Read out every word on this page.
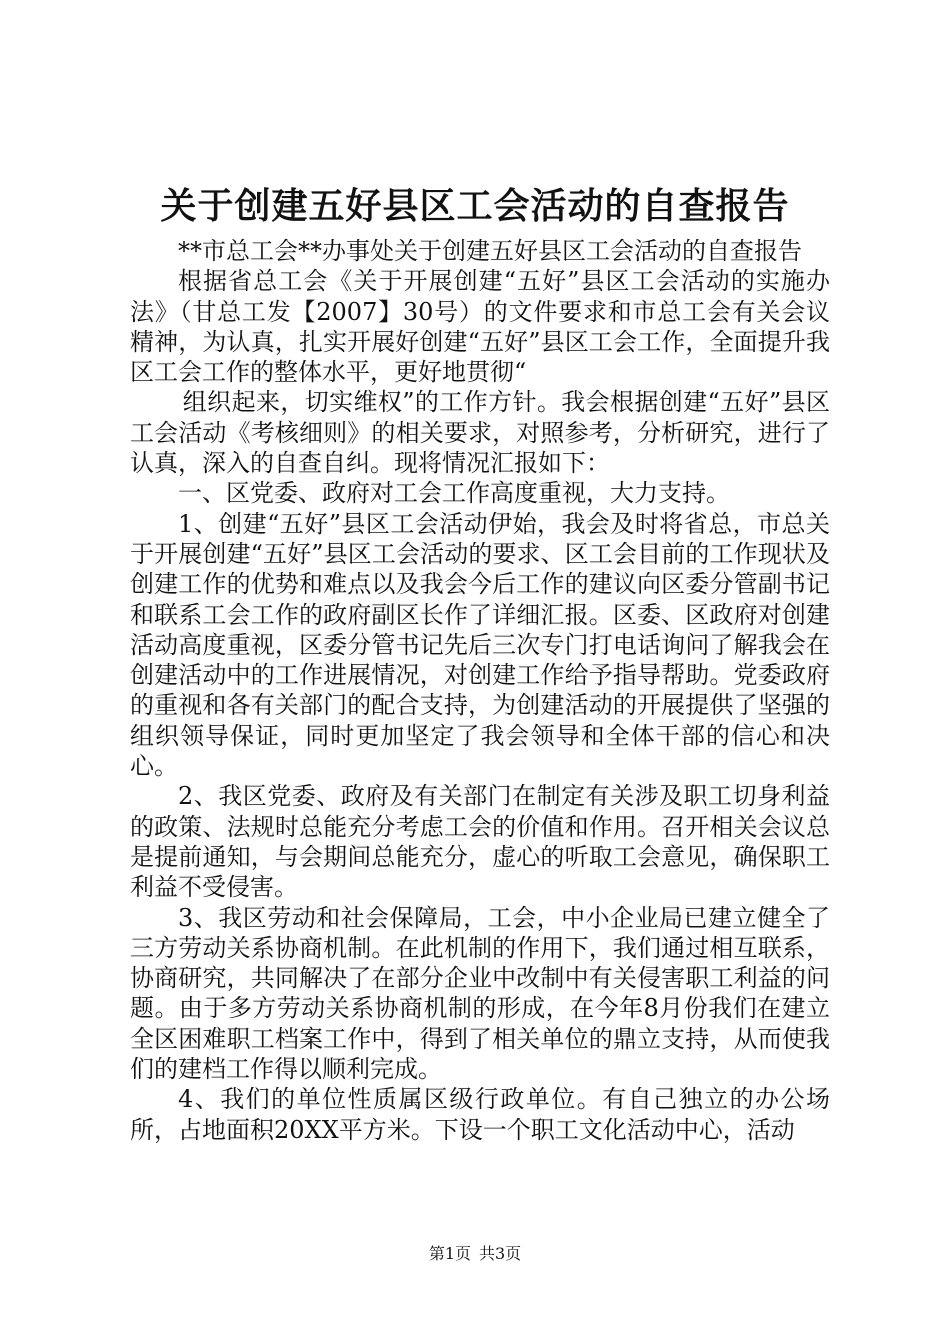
关于创建五好县区工会活动的自查报告

**市总工会**办事处关于创建五好县区工会活动的自查报告

根据省总工会《关于开展创建“五好”县区工会活动的实施办法》（甘总工发【2007】30号）的文件要求和市总工会有关会议精神，为认真，扎实开展好创建“五好”县区工会工作，全面提升我区工会工作的整体水平，更好地贯彻“

组织起来，切实维权”的工作方针。我会根据创建“五好”县区工会活动《考核细则》的相关要求，对照参考，分析研究，进行了认真，深入的自查自纠。现将情况汇报如下：

一、区党委、政府对工会工作高度重视，大力支持。

1、创建“五好”县区工会活动伊始，我会及时将省总，市总关于开展创建“五好”县区工会活动的要求、区工会目前的工作现状及创建工作的优势和难点以及我会今后工作的建议向区委分管副书记和联系工会工作的政府副区长作了详细汇报。区委、区政府对创建活动高度重视，区委分管书记先后三次专门打电话询问了解我会在创建活动中的工作进展情况，对创建工作给予指导帮助。党委政府的重视和各有关部门的配合支持，为创建活动的开展提供了坚强的组织领导保证，同时更加坚定了我会领导和全体干部的信心和决心。

2、我区党委、政府及有关部门在制定有关涉及职工切身利益的政策、法规时总能充分考虑工会的价值和作用。召开相关会议总是提前通知，与会期间总能充分，虚心的听取工会意见，确保职工利益不受侵害。

3、我区劳动和社会保障局，工会，中小企业局已建立健全了三方劳动关系协商机制。在此机制的作用下，我们通过相互联系，协商研究，共同解决了在部分企业中改制中有关侵害职工利益的问题。由于多方劳动关系协商机制的形成，在今年8月份我们在建立全区困难职工档案工作中，得到了相关单位的鼎立支持，从而使我们的建档工作得以顺利完成。

4、我们的单位性质属区级行政单位。有自己独立的办公场所，占地面积20XX平方米。下设一个职工文化活动中心，活动

第1页 共3页
